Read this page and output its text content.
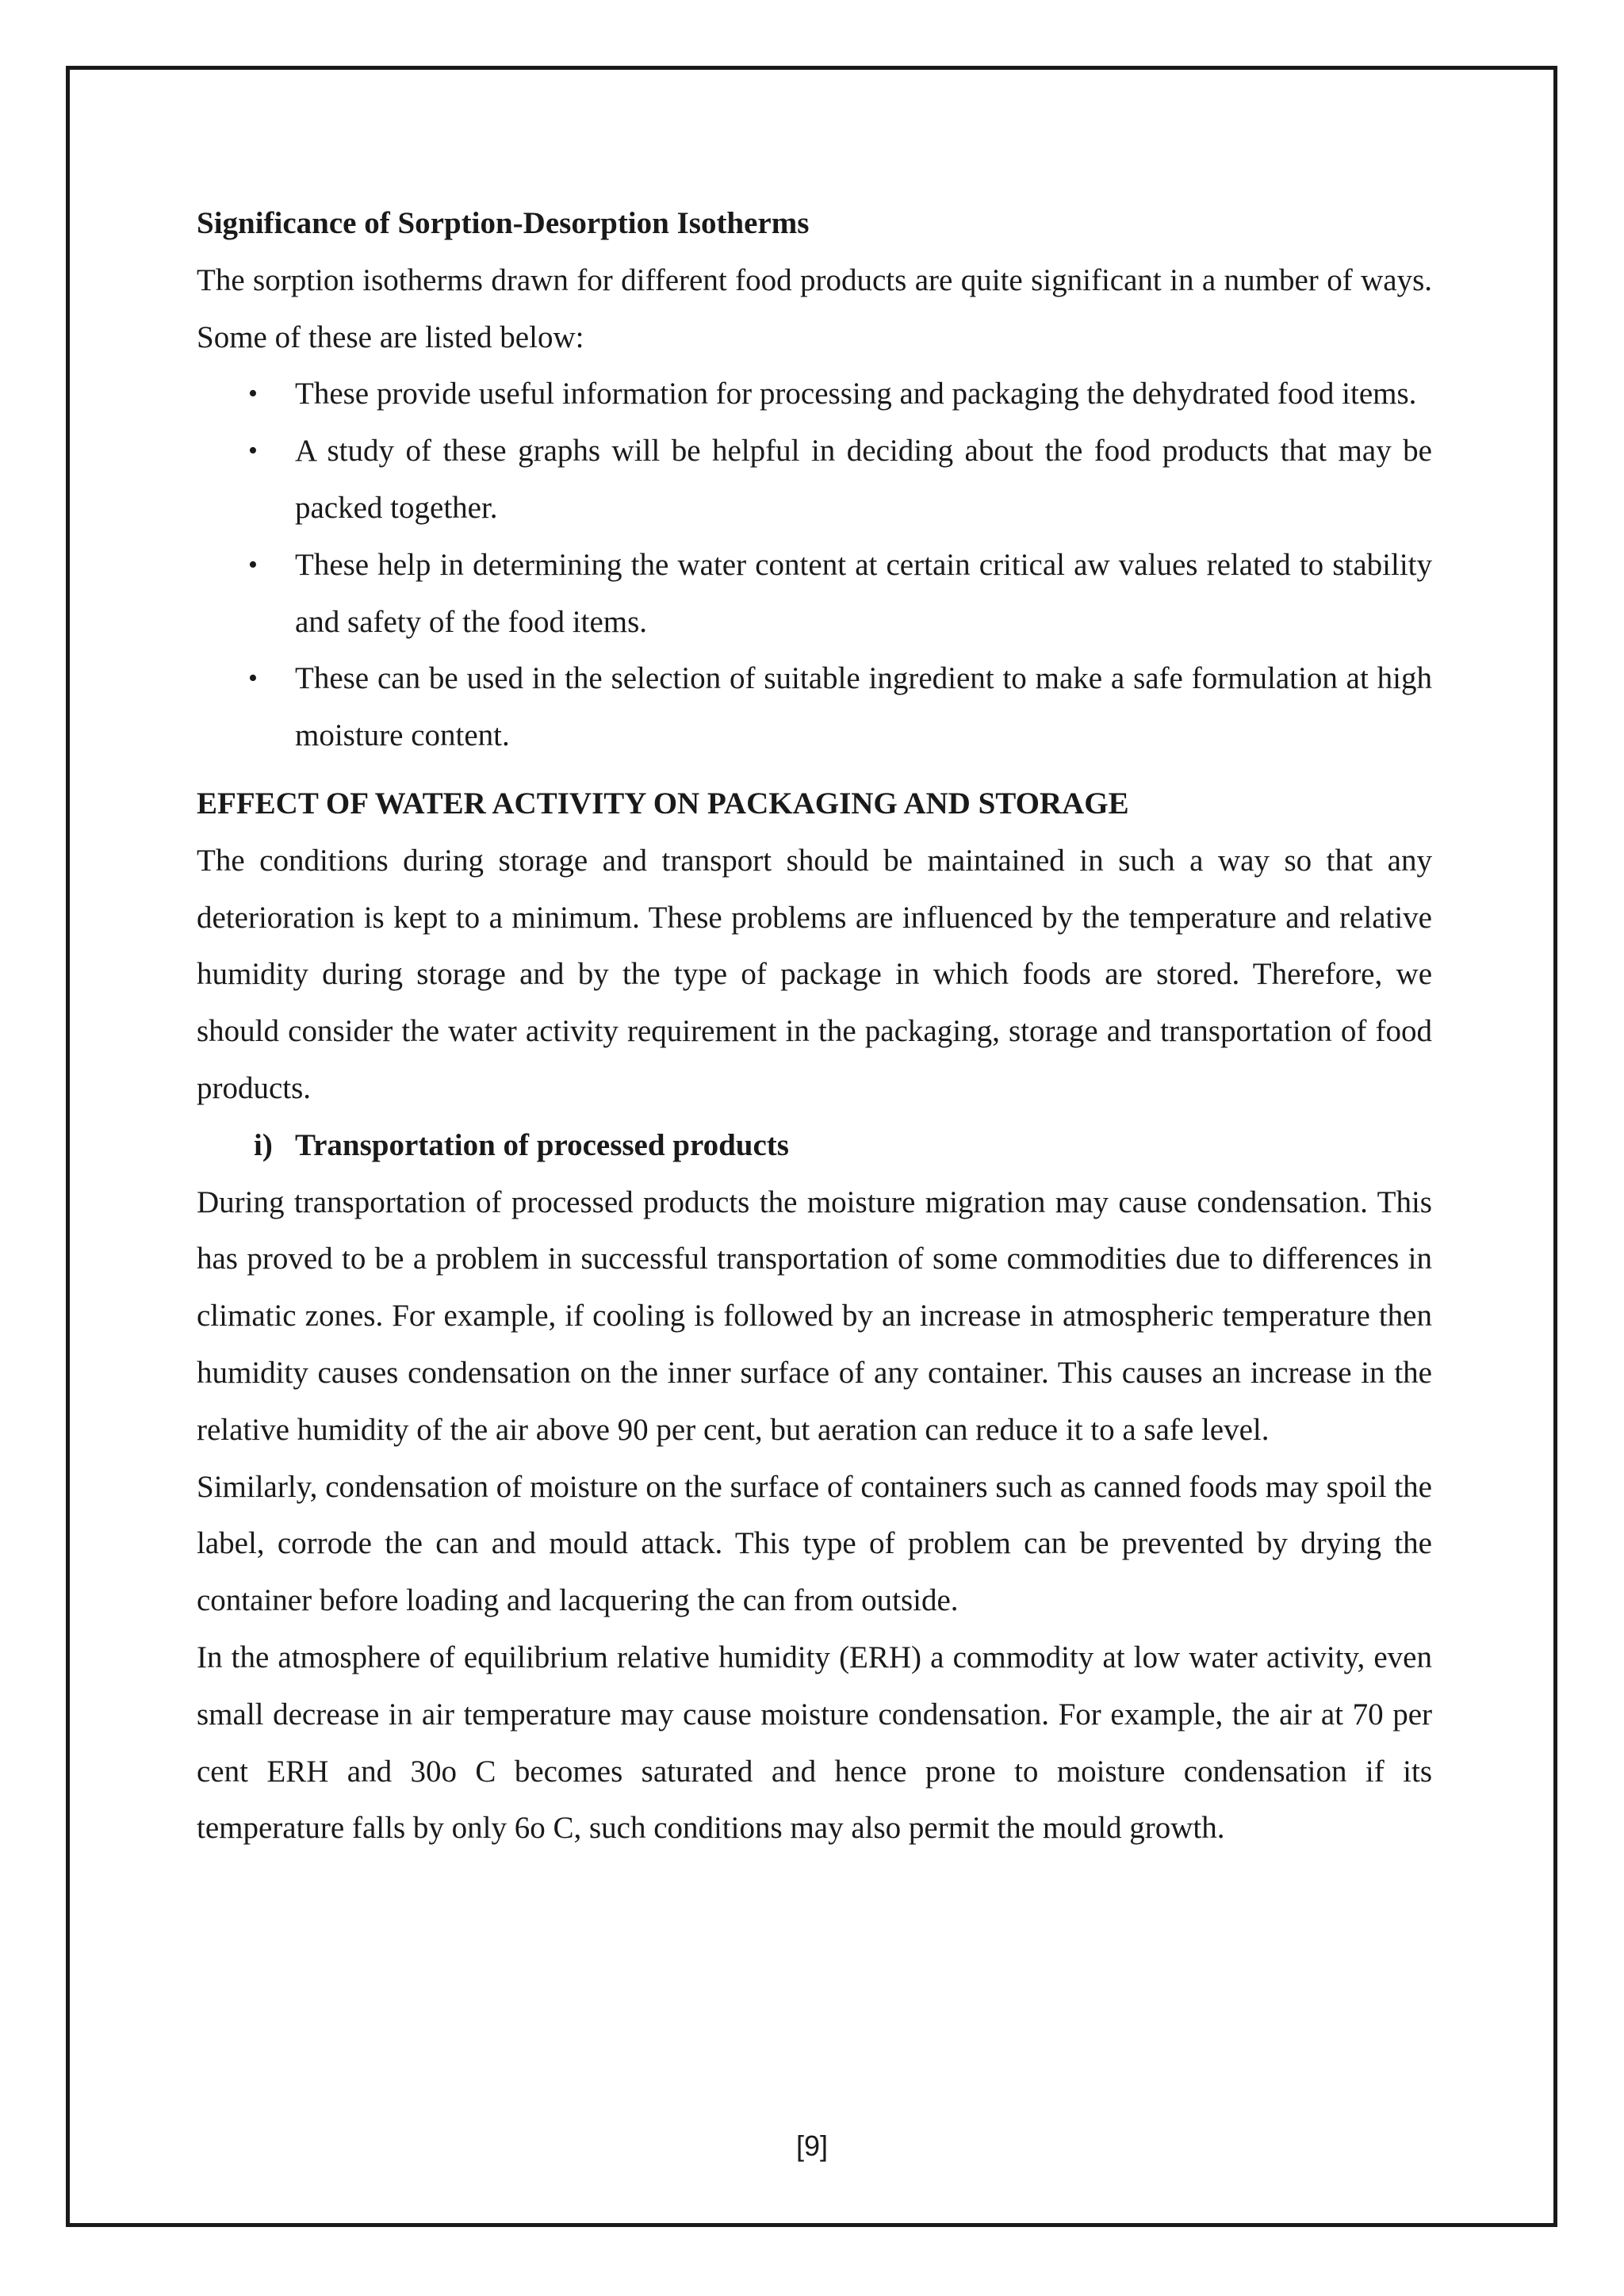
Significance of Sorption-Desorption Isotherms

The sorption isotherms drawn for different food products are quite significant in a number of ways. Some of these are listed below:

• These provide useful information for processing and packaging the dehydrated food items.
• A study of these graphs will be helpful in deciding about the food products that may be packed together.
• These help in determining the water content at certain critical aw values related to stability and safety of the food items.
• These can be used in the selection of suitable ingredient to make a safe formulation at high moisture content.

EFFECT OF WATER ACTIVITY ON PACKAGING AND STORAGE

The conditions during storage and transport should be maintained in such a way so that any deterioration is kept to a minimum. These problems are influenced by the temperature and relative humidity during storage and by the type of package in which foods are stored. Therefore, we should consider the water activity requirement in the packaging, storage and transportation of food products.

i) Transportation of processed products

During transportation of processed products the moisture migration may cause condensation. This has proved to be a problem in successful transportation of some commodities due to differences in climatic zones. For example, if cooling is followed by an increase in atmospheric temperature then humidity causes condensation on the inner surface of any container. This causes an increase in the relative humidity of the air above 90 per cent, but aeration can reduce it to a safe level.

Similarly, condensation of moisture on the surface of containers such as canned foods may spoil the label, corrode the can and mould attack. This type of problem can be prevented by drying the container before loading and lacquering the can from outside.

In the atmosphere of equilibrium relative humidity (ERH) a commodity at low water activity, even small decrease in air temperature may cause moisture condensation. For example, the air at 70 per cent ERH and 30o C becomes saturated and hence prone to moisture condensation if its temperature falls by only 6o C, such conditions may also permit the mould growth.

[9]
